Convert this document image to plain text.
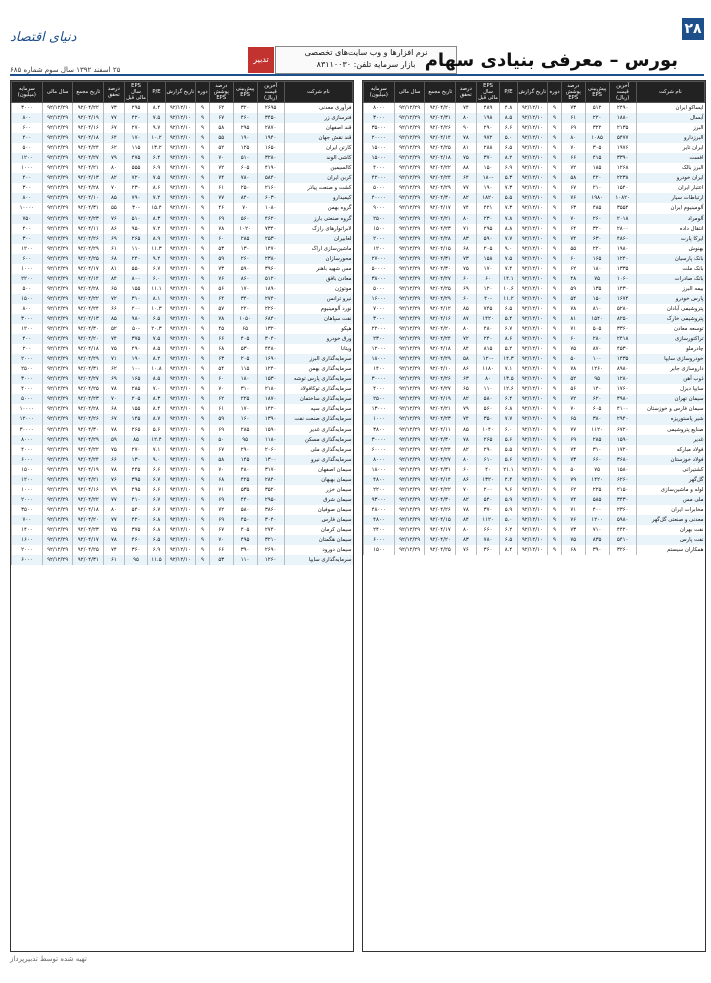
دنیای اقتصاد
تدبیر
نرم افزارها و وب سایت‌های تخصصی
بازار سرمایه تلفن: ۸۳۱۱۰۰۳۰ بورس – معرفی بنیادی سهام
۲۸
۲۵ اسفند ۱۳۹۲ سال سوم شماره ۶۸۵
نام شرکت	آخرین قیمت (ریال)	پیش‌بینی EPS	درصد پوشش EPS	دوره	تاریخ گزارش	P/E	EPS سال مالی قبل	درصد تحقق	تاریخ مجمع	سال مالی	سرمایه (میلیون)
ایساکو ایران	۲۴۹۰	۵۱۲	۷۳	۹	۹۲/۱۲/۱۰	۴.۸	۴۸۹	۷۴	۹۲/۰۴/۲۰	۹۲/۱۲/۲۹	۸۰۰۰
آبسال	۱۸۸۰	۲۲۰	۶۱	۹	۹۲/۱۲/۱۰	۸.۵	۱۹۸	۸۰	۹۲/۰۴/۳۱	۹۲/۱۲/۲۹	۳۰۰۰
البرز	۲۱۳۵	۳۲۲	۶۹	۹	۹۲/۱۲/۱۰	۶.۶	۲۹۰	۹۰	۹۲/۰۴/۲۶	۹۲/۱۲/۲۹	۳۵۰۰۰
البرزدارو	۵۴۷۷	۱۰۸۵	۸۰	۹	۹۲/۱۲/۱۰	۵.۰	۹۷۲	۷۸	۹۲/۰۴/۱۴	۹۲/۱۲/۲۹	۲۰۰۰۰
ایران تایر	۱۹۷۶	۳۰۵	۷۰	۹	۹۲/۱۲/۱۰	۶.۵	۲۸۸	۸۱	۹۲/۰۴/۲۵	۹۲/۱۲/۲۹	۱۵۰۰۰
افست	۳۳۹۰	۴۱۵	۶۶	۹	۹۲/۱۲/۱۰	۸.۲	۳۷۰	۷۵	۹۲/۰۴/۱۸	۹۲/۱۲/۲۹	۱۵۰۰۰
البرز بالک	۱۲۶۸	۱۸۵	۷۲	۹	۹۲/۱۲/۱۰	۶.۹	۱۵۰	۸۸	۹۲/۰۴/۲۲	۹۲/۱۲/۲۹	۴۰۰۰
ایران خودرو	۲۲۳۸	۴۲۰	۵۸	۹	۹۲/۱۲/۱۰	۵.۳	-۱۸۰	۶۴	۹۲/۰۴/۲۴	۹۲/۱۲/۲۹	۴۲۰۰۰
اعتبار ایران	۱۵۴۰	۲۱۰	۶۷	۹	۹۲/۱۲/۱۰	۷.۳	۱۹۰	۷۷	۹۲/۰۴/۲۹	۹۲/۱۲/۲۹	۵۰۰۰
ارتباطات سیار	۱۰۸۲۰	۱۹۸۰	۷۶	۹	۹۲/۱۲/۱۰	۵.۵	۱۸۲۰	۸۲	۹۲/۰۴/۳۰	۹۲/۱۲/۲۹	۴۰۰۰۰
آلومینیوم ایران	۳۵۵۴	۴۸۵	۶۳	۹	۹۲/۱۲/۱۰	۷.۳	۴۲۱	۷۴	۹۲/۰۴/۱۷	۹۲/۱۲/۲۹	۹۰۰۰
آلومراد	۲۰۱۸	۲۶۰	۷۰	۹	۹۲/۱۲/۱۰	۷.۸	۲۳۰	۸۰	۹۲/۰۴/۲۱	۹۲/۱۲/۲۹	۲۵۰۰
انتقال داده	۲۸۰۰	۳۲۰	۶۴	۹	۹۲/۱۲/۱۰	۸.۸	۲۹۵	۷۱	۹۲/۰۴/۲۳	۹۲/۱۲/۲۹	۱۵۰۰
ایرکا پارت	۴۸۶۰	۶۳۰	۷۴	۹	۹۲/۱۲/۱۰	۷.۷	۵۹۰	۸۳	۹۲/۰۴/۲۸	۹۲/۱۲/۲۹	۲۰۰۰
بهنوش	۱۹۸۰	۲۲۰	۵۵	۹	۹۲/۱۲/۱۰	۹.۰	۲۰۵	۶۸	۹۲/۰۴/۱۵	۹۲/۱۲/۲۹	۱۲۰۰
بانک پارسیان	۱۲۴۰	۱۶۵	۶۰	۹	۹۲/۱۲/۱۰	۷.۵	۱۵۸	۷۳	۹۲/۰۴/۳۱	۹۲/۱۲/۲۹	۲۷۰۰۰
بانک ملت	۱۳۳۵	۱۸۰	۶۲	۹	۹۲/۱۲/۱۰	۷.۴	۱۷۰	۷۵	۹۲/۰۴/۳۰	۹۲/۱۲/۲۹	۵۰۰۰۰
بانک صادرات	۱۰۶۰	۷۵	۴۸	۹	۹۲/۱۲/۱۰	۱۴.۱	۶۰	۶۰	۹۲/۰۴/۲۷	۹۲/۱۲/۲۹	۳۸۰۰۰
بیمه البرز	۱۴۳۰	۱۳۵	۵۹	۹	۹۲/۱۲/۱۰	۱۰.۶	۱۲۰	۶۹	۹۲/۰۴/۲۵	۹۲/۱۲/۲۹	۵۰۰۰
پارس خودرو	۱۶۷۴	۱۵۰	۵۴	۹	۹۲/۱۲/۱۰	۱۱.۲	-۴۰	۶۰	۹۲/۰۴/۲۹	۹۲/۱۲/۲۹	۱۶۰۰۰
پتروشیمی آبادان	۵۲۸۰	۸۱۰	۷۸	۹	۹۲/۱۲/۱۰	۶.۵	۷۴۵	۸۵	۹۲/۰۴/۱۲	۹۲/۱۲/۲۹	۷۰۰۰
پتروشیمی خارک	۸۲۵۰	۱۵۴۰	۸۱	۹	۹۲/۱۲/۱۰	۵.۴	۱۴۲۰	۸۷	۹۲/۰۴/۱۶	۹۲/۱۲/۲۹	۳۰۰۰
توسعه معادن	۳۳۶۰	۵۰۵	۷۱	۹	۹۲/۱۲/۱۰	۶.۷	۴۸۰	۸۰	۹۲/۰۴/۲۰	۹۲/۱۲/۲۹	۲۲۰۰۰
تراکتورسازی	۲۴۱۸	۲۸۰	۶۰	۹	۹۲/۱۲/۱۰	۸.۶	۲۴۰	۷۲	۹۲/۰۴/۲۴	۹۲/۱۲/۲۹	۲۳۰۰
چادرملو	۴۵۳۰	۸۷۰	۷۵	۹	۹۲/۱۲/۱۰	۵.۲	۸۱۵	۸۴	۹۲/۰۴/۱۸	۹۲/۱۲/۲۹	۱۲۰۰۰
خودروسازی سایپا	۱۴۳۵	۱۰۰	۵۰	۹	۹۲/۱۲/۱۰	۱۴.۳	-۱۲۰	۵۸	۹۲/۰۴/۲۹	۹۲/۱۲/۲۹	۱۸۰۰۰
داروسازی جابر	۸۹۸۰	۱۲۶۰	۷۸	۹	۹۲/۱۲/۱۰	۷.۱	۱۱۸۰	۸۶	۹۲/۰۴/۱۰	۹۲/۱۲/۲۹	۱۴۰۰
ذوب آهن	۱۲۸۰	۹۵	۵۲	۹	۹۲/۱۲/۱۰	۱۳.۵	۸۰	۶۳	۹۲/۰۴/۲۶	۹۲/۱۲/۲۹	۳۰۰۰۰
سایپا دیزل	۱۷۶۰	۱۴۰	۵۶	۹	۹۲/۱۲/۱۰	۱۲.۶	۱۱۰	۶۵	۹۲/۰۴/۲۷	۹۲/۱۲/۲۹	۴۰۰۰
سیمان تهران	۳۹۸۰	۶۲۰	۷۲	۹	۹۲/۱۲/۱۰	۶.۴	۵۸۰	۸۲	۹۲/۰۴/۱۹	۹۲/۱۲/۲۹	۲۵۰۰
سیمان فارس و خوزستان	۴۱۰۰	۶۰۵	۷۰	۹	۹۲/۱۲/۱۰	۶.۸	۵۶۰	۷۹	۹۲/۰۴/۲۱	۹۲/۱۲/۲۹	۱۳۰۰۰
شیر پاستوریزه	۲۹۴۰	۳۸۰	۶۵	۹	۹۲/۱۲/۱۰	۷.۷	۳۵۰	۷۴	۹۲/۰۴/۲۳	۹۲/۱۲/۲۹	۱۰۰۰
صنایع پتروشیمی	۶۷۲۰	۱۱۲۰	۷۷	۹	۹۲/۱۲/۱۰	۶.۰	۱۰۴۰	۸۵	۹۲/۰۴/۱۱	۹۲/۱۲/۲۹	۳۸۰۰
غدیر	۱۵۹۰	۲۸۵	۶۹	۹	۹۲/۱۲/۱۰	۵.۶	۲۶۵	۷۸	۹۲/۰۴/۳۰	۹۲/۱۲/۲۹	۳۰۰۰۰
فولاد مبارکه	۱۷۲۰	۳۱۰	۷۴	۹	۹۲/۱۲/۱۰	۵.۵	۲۹۰	۸۲	۹۲/۰۴/۲۴	۹۲/۱۲/۲۹	۶۰۰۰۰
فولاد خوزستان	۳۶۸۰	۶۶۰	۷۳	۹	۹۲/۱۲/۱۰	۵.۶	۶۱۰	۸۰	۹۲/۰۴/۲۷	۹۲/۱۲/۲۹	۸۰۰۰
کشتیرانی	۱۵۸۰	۷۵	۵۰	۹	۹۲/۱۲/۱۰	۲۱.۱	۴۰	۶۰	۹۲/۰۴/۳۱	۹۲/۱۲/۲۹	۱۸۰۰۰
گل‌گهر	۶۲۶۰	۱۴۲۰	۷۹	۹	۹۲/۱۲/۱۰	۴.۴	۱۳۲۰	۸۶	۹۲/۰۴/۱۴	۹۲/۱۲/۲۹	۴۸۰۰
لوله و ماشین‌سازی	۲۱۵۰	۲۲۵	۶۲	۹	۹۲/۱۲/۱۰	۹.۶	۲۰۰	۷۰	۹۲/۰۴/۲۲	۹۲/۱۲/۲۹	۲۲۰۰
ملی مس	۳۴۳۰	۵۸۵	۷۴	۹	۹۲/۱۲/۱۰	۵.۹	۵۴۰	۸۲	۹۲/۰۴/۳۰	۹۲/۱۲/۲۹	۹۳۰۰۰
مخابرات ایران	۲۳۶۰	۴۰۰	۷۱	۹	۹۲/۱۲/۱۰	۵.۹	۳۷۰	۷۸	۹۲/۰۴/۲۶	۹۲/۱۲/۲۹	۴۸۰۰۰
معدنی و صنعتی گل‌گهر	۵۹۸۰	۱۲۰۰	۷۶	۹	۹۲/۱۲/۱۰	۵.۰	۱۱۲۰	۸۴	۹۲/۰۴/۱۵	۹۲/۱۲/۲۹	۴۸۰۰
نفت بهران	۴۴۲۰	۷۱۰	۷۳	۹	۹۲/۱۲/۱۰	۶.۲	۶۶۰	۸۰	۹۲/۰۴/۱۷	۹۲/۱۲/۲۹	۲۴۰۰
نفت پارس	۵۴۱۰	۸۳۵	۷۵	۹	۹۲/۱۲/۱۰	۶.۵	۷۸۰	۸۳	۹۲/۰۴/۲۰	۹۲/۱۲/۲۹	۶۰۰۰
همکاران سیستم	۳۲۶۰	۳۹۰	۶۸	۹	۹۲/۱۲/۱۰	۸.۴	۳۶۰	۷۶	۹۲/۰۴/۲۵	۹۲/۱۲/۲۹	۱۵۰۰
نام شرکت	آخرین قیمت (ریال)	پیش‌بینی EPS	درصد پوشش EPS	دوره	تاریخ گزارش	P/E	EPS سال مالی قبل	درصد تحقق	تاریخ مجمع	سال مالی	سرمایه (میلیون)
فرآوری معدنی	۲۶۹۵	۳۲۰	۶۲	۹	۹۲/۱۲/۱۰	۸.۴	۲۹۵	۷۳	۹۲/۰۴/۲۲	۹۲/۱۲/۲۹	۳۰۰۰
فنرسازی زر	۳۴۵۰	۴۶۰	۶۷	۹	۹۲/۱۲/۱۰	۷.۵	۴۲۰	۷۷	۹۲/۰۴/۱۹	۹۲/۱۲/۲۹	۸۰۰
قند اصفهان	۲۸۷۰	۲۹۵	۵۸	۹	۹۲/۱۲/۱۰	۹.۷	۲۷۰	۶۷	۹۲/۰۴/۱۶	۹۲/۱۲/۲۹	۶۰۰
قند نقش جهان	۱۹۴۰	۱۹۰	۵۵	۹	۹۲/۱۲/۱۰	۱۰.۲	۱۷۰	۶۴	۹۲/۰۴/۱۸	۹۲/۱۲/۲۹	۴۰۰
کارتن ایران	۱۶۵۰	۱۲۵	۵۲	۹	۹۲/۱۲/۱۰	۱۳.۲	۱۱۵	۶۲	۹۲/۰۴/۲۴	۹۲/۱۲/۲۹	۵۰۰
کاشی الوند	۳۲۸۰	۵۱۰	۷۰	۹	۹۲/۱۲/۱۰	۶.۴	۴۷۵	۷۹	۹۲/۰۴/۲۷	۹۲/۱۲/۲۹	۱۲۰۰
کالسیمین	۴۱۹۰	۶۰۵	۷۲	۹	۹۲/۱۲/۱۰	۶.۹	۵۵۵	۸۰	۹۲/۰۴/۲۱	۹۲/۱۲/۲۹	۱۰۰۰
کربن ایران	۵۸۴۰	۷۸۰	۷۴	۹	۹۲/۱۲/۱۰	۷.۵	۷۲۰	۸۲	۹۲/۰۴/۱۳	۹۲/۱۲/۲۹	۴۰۰
کشت و صنعت پیاذر	۲۱۶۰	۲۵۰	۶۱	۹	۹۲/۱۲/۱۰	۸.۶	۲۳۰	۷۰	۹۲/۰۴/۲۸	۹۲/۱۲/۲۹	۳۰۰
کیمیدارو	۶۰۳۰	۸۴۰	۷۷	۹	۹۲/۱۲/۱۰	۷.۲	۷۹۰	۸۵	۹۲/۰۴/۱۰	۹۲/۱۲/۲۹	۸۰۰
گروه بهمن	۱۰۸۰	۷۰	۴۶	۹	۹۲/۱۲/۱۰	۱۵.۴	-۳۰	۵۵	۹۲/۰۴/۳۱	۹۲/۱۲/۲۹	۱۰۰۰۰
گروه صنعتی بارز	۴۶۲۰	۵۶۰	۶۹	۹	۹۲/۱۲/۱۰	۸.۳	۵۱۰	۷۶	۹۲/۰۴/۲۳	۹۲/۱۲/۲۹	۷۵۰
لابراتوارهای رازک	۷۳۴۰	۱۰۲۰	۷۸	۹	۹۲/۱۲/۱۰	۷.۲	۹۵۰	۸۶	۹۲/۰۴/۱۱	۹۲/۱۲/۲۹	۴۰۰
لعابیران	۲۵۳۰	۲۸۵	۶۰	۹	۹۲/۱۲/۱۰	۸.۹	۲۶۵	۶۹	۹۲/۰۴/۲۶	۹۲/۱۲/۲۹	۳۰۰
ماشین‌سازی اراک	۱۴۷۰	۱۳۰	۵۳	۹	۹۲/۱۲/۱۰	۱۱.۳	۱۱۰	۶۱	۹۲/۰۴/۲۹	۹۲/۱۲/۲۹	۱۲۰۰
محورسازان	۲۳۸۰	۲۶۰	۵۹	۹	۹۲/۱۲/۱۰	۹.۲	۲۴۰	۶۸	۹۲/۰۴/۲۵	۹۲/۱۲/۲۹	۶۰۰
مس شهید باهنر	۳۹۶۰	۵۹۰	۷۳	۹	۹۲/۱۲/۱۰	۶.۷	۵۵۰	۸۱	۹۲/۰۴/۱۷	۹۲/۱۲/۲۹	۱۰۰۰
معادن بافق	۵۱۲۰	۸۶۰	۷۶	۹	۹۲/۱۲/۱۰	۶.۰	۸۰۰	۸۴	۹۲/۰۴/۱۴	۹۲/۱۲/۲۹	۲۲۰۰
موتوژن	۱۸۹۰	۱۷۰	۵۶	۹	۹۲/۱۲/۱۰	۱۱.۱	۱۵۵	۶۵	۹۲/۰۴/۲۸	۹۲/۱۲/۲۹	۵۰۰
نیرو ترانس	۲۷۴۰	۳۴۰	۶۴	۹	۹۲/۱۲/۱۰	۸.۱	۳۱۰	۷۲	۹۲/۰۴/۲۲	۹۲/۱۲/۲۹	۱۵۰۰
نورد آلومینیوم	۲۲۶۰	۲۲۰	۵۷	۹	۹۲/۱۲/۱۰	۱۰.۳	۲۰۰	۶۶	۹۲/۰۴/۲۴	۹۲/۱۲/۲۹	۸۰۰
نفت سپاهان	۶۸۴۰	۱۰۵۰	۷۸	۹	۹۲/۱۲/۱۰	۶.۵	۹۸۰	۸۵	۹۲/۰۴/۱۳	۹۲/۱۲/۲۹	۳۰۰۰
هپکو	۱۳۲۰	۶۵	۴۵	۹	۹۲/۱۲/۱۰	۲۰.۳	-۵۰	۵۲	۹۲/۰۴/۳۰	۹۲/۱۲/۲۹	۱۲۰۰
ورق خودرو	۳۰۴۰	۴۰۵	۶۶	۹	۹۲/۱۲/۱۰	۷.۵	۳۷۵	۷۴	۹۲/۰۴/۲۰	۹۲/۱۲/۲۹	۴۰۰
ویتانا	۴۴۸۰	۵۳۰	۶۸	۹	۹۲/۱۲/۱۰	۸.۵	۴۹۰	۷۵	۹۲/۰۴/۱۸	۹۲/۱۲/۲۹	۲۰۰
سرمایه‌گذاری البرز	۱۶۹۰	۲۰۵	۶۳	۹	۹۲/۱۲/۱۰	۸.۲	۱۹۰	۷۱	۹۲/۰۴/۲۹	۹۲/۱۲/۲۹	۲۰۰۰
سرمایه‌گذاری بهمن	۱۲۴۰	۱۱۵	۵۴	۹	۹۲/۱۲/۱۰	۱۰.۸	۱۰۰	۶۲	۹۲/۰۴/۳۱	۹۲/۱۲/۲۹	۲۵۰۰
سرمایه‌گذاری پارس توشه	۱۵۳۰	۱۸۰	۶۰	۹	۹۲/۱۲/۱۰	۸.۵	۱۶۵	۶۹	۹۲/۰۴/۲۷	۹۲/۱۲/۲۹	۳۰۰۰
سرمایه‌گذاری توکافولاد	۲۱۸۰	۳۱۰	۷۰	۹	۹۲/۱۲/۱۰	۷.۰	۲۸۵	۷۸	۹۲/۰۴/۲۵	۹۲/۱۲/۲۹	۴۰۰۰
سرمایه‌گذاری ساختمان	۱۸۷۰	۲۲۵	۶۲	۹	۹۲/۱۲/۱۰	۸.۳	۲۰۵	۷۰	۹۲/۰۴/۲۳	۹۲/۱۲/۲۹	۵۰۰۰
سرمایه‌گذاری سپه	۱۴۲۰	۱۷۰	۶۱	۹	۹۲/۱۲/۱۰	۸.۴	۱۵۵	۶۸	۹۲/۰۴/۲۸	۹۲/۱۲/۲۹	۱۰۰۰۰
سرمایه‌گذاری صنعت نفت	۱۳۹۰	۱۶۰	۵۹	۹	۹۲/۱۲/۱۰	۸.۷	۱۴۵	۶۷	۹۲/۰۴/۲۶	۹۲/۱۲/۲۹	۱۲۰۰۰
سرمایه‌گذاری غدیر	۱۵۹۰	۲۸۵	۶۹	۹	۹۲/۱۲/۱۰	۵.۶	۲۶۵	۷۸	۹۲/۰۴/۳۰	۹۲/۱۲/۲۹	۳۰۰۰۰
سرمایه‌گذاری مسکن	۱۱۸۰	۹۵	۵۰	۹	۹۲/۱۲/۱۰	۱۲.۴	۸۵	۵۹	۹۲/۰۴/۲۹	۹۲/۱۲/۲۹	۸۰۰۰
سرمایه‌گذاری ملی	۲۰۶۰	۲۹۰	۶۷	۹	۹۲/۱۲/۱۰	۷.۱	۲۷۰	۷۵	۹۲/۰۴/۲۲	۹۲/۱۲/۲۹	۴۰۰۰
سرمایه‌گذاری نیرو	۱۳۰۰	۱۴۵	۵۸	۹	۹۲/۱۲/۱۰	۹.۰	۱۳۰	۶۶	۹۲/۰۴/۲۴	۹۲/۱۲/۲۹	۶۰۰۰
سیمان اصفهان	۳۱۷۰	۴۸۰	۷۰	۹	۹۲/۱۲/۱۰	۶.۶	۴۴۵	۷۸	۹۲/۰۴/۱۹	۹۲/۱۲/۲۹	۱۵۰۰
سیمان بهبهان	۲۸۴۰	۴۲۵	۶۸	۹	۹۲/۱۲/۱۰	۶.۷	۳۹۵	۷۶	۹۲/۰۴/۲۱	۹۲/۱۲/۲۹	۱۲۰۰
سیمان خزر	۳۵۲۰	۵۳۵	۷۱	۹	۹۲/۱۲/۱۰	۶.۶	۴۹۵	۷۹	۹۲/۰۴/۱۶	۹۲/۱۲/۲۹	۱۰۰۰
سیمان شرق	۲۹۵۰	۴۴۰	۶۹	۹	۹۲/۱۲/۱۰	۶.۷	۴۱۰	۷۷	۹۲/۰۴/۲۲	۹۲/۱۲/۲۹	۲۰۰۰
سیمان صوفیان	۳۸۶۰	۵۸۰	۷۲	۹	۹۲/۱۲/۱۰	۶.۷	۵۴۰	۸۰	۹۲/۰۴/۱۸	۹۲/۱۲/۲۹	۳۵۰۰
سیمان فارس	۳۰۴۰	۴۵۰	۶۹	۹	۹۲/۱۲/۱۰	۶.۸	۴۲۰	۷۷	۹۲/۰۴/۲۰	۹۲/۱۲/۲۹	۷۰۰
سیمان کرمان	۲۷۴۰	۴۰۵	۶۷	۹	۹۲/۱۲/۱۰	۶.۸	۳۷۵	۷۵	۹۲/۰۴/۲۳	۹۲/۱۲/۲۹	۱۴۰۰
سیمان هگمتان	۳۲۱۰	۴۹۵	۷۰	۹	۹۲/۱۲/۱۰	۶.۵	۴۶۰	۷۸	۹۲/۰۴/۱۷	۹۲/۱۲/۲۹	۱۶۰۰
سیمان دورود	۲۶۹۰	۳۹۰	۶۶	۹	۹۲/۱۲/۱۰	۶.۹	۳۶۰	۷۴	۹۲/۰۴/۲۵	۹۲/۱۲/۲۹	۲۰۰۰
سرمایه‌گذاری سایپا	۱۲۶۰	۱۱۰	۵۳	۹	۹۲/۱۲/۱۰	۱۱.۵	۹۵	۶۱	۹۲/۰۴/۳۱	۹۲/۱۲/۲۹	۶۰۰۰
تهیه شده توسط تدبیرپرداز
